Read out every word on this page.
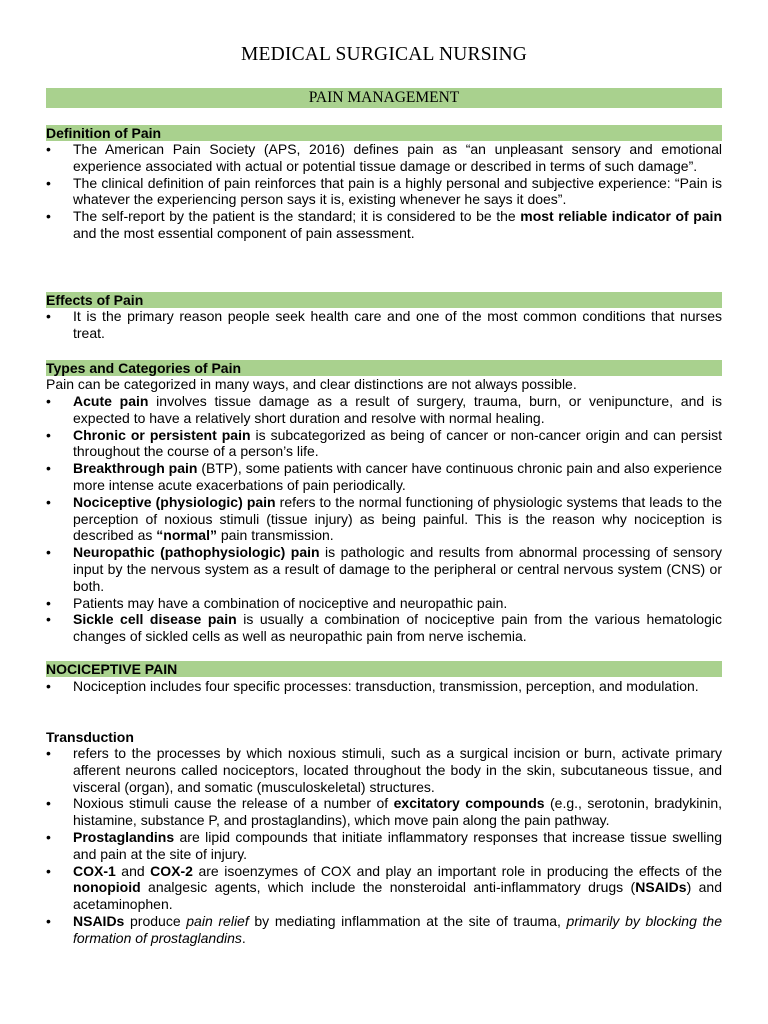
MEDICAL SURGICAL NURSING
PAIN MANAGEMENT
Definition of Pain
• The American Pain Society (APS, 2016) defines pain as “an unpleasant sensory and emotional experience associated with actual or potential tissue damage or described in terms of such damage”.
• The clinical definition of pain reinforces that pain is a highly personal and subjective experience: “Pain is whatever the experiencing person says it is, existing whenever he says it does”.
• The self-report by the patient is the standard; it is considered to be the most reliable indicator of pain and the most essential component of pain assessment.
Effects of Pain
• It is the primary reason people seek health care and one of the most common conditions that nurses treat.
Types and Categories of Pain
Pain can be categorized in many ways, and clear distinctions are not always possible.
• Acute pain involves tissue damage as a result of surgery, trauma, burn, or venipuncture, and is expected to have a relatively short duration and resolve with normal healing.
• Chronic or persistent pain is subcategorized as being of cancer or non-cancer origin and can persist throughout the course of a person’s life.
• Breakthrough pain (BTP), some patients with cancer have continuous chronic pain and also experience more intense acute exacerbations of pain periodically.
• Nociceptive (physiologic) pain refers to the normal functioning of physiologic systems that leads to the perception of noxious stimuli (tissue injury) as being painful. This is the reason why nociception is described as “normal” pain transmission.
• Neuropathic (pathophysiologic) pain is pathologic and results from abnormal processing of sensory input by the nervous system as a result of damage to the peripheral or central nervous system (CNS) or both.
• Patients may have a combination of nociceptive and neuropathic pain.
• Sickle cell disease pain is usually a combination of nociceptive pain from the various hematologic changes of sickled cells as well as neuropathic pain from nerve ischemia.
NOCICEPTIVE PAIN
• Nociception includes four specific processes: transduction, transmission, perception, and modulation.
Transduction
• refers to the processes by which noxious stimuli, such as a surgical incision or burn, activate primary afferent neurons called nociceptors, located throughout the body in the skin, subcutaneous tissue, and visceral (organ), and somatic (musculoskeletal) structures.
• Noxious stimuli cause the release of a number of excitatory compounds (e.g., serotonin, bradykinin, histamine, substance P, and prostaglandins), which move pain along the pain pathway.
• Prostaglandins are lipid compounds that initiate inflammatory responses that increase tissue swelling and pain at the site of injury.
• COX-1 and COX-2 are isoenzymes of COX and play an important role in producing the effects of the nonopioid analgesic agents, which include the nonsteroidal anti-inflammatory drugs (NSAIDs) and acetaminophen.
• NSAIDs produce pain relief by mediating inflammation at the site of trauma, primarily by blocking the formation of prostaglandins.
